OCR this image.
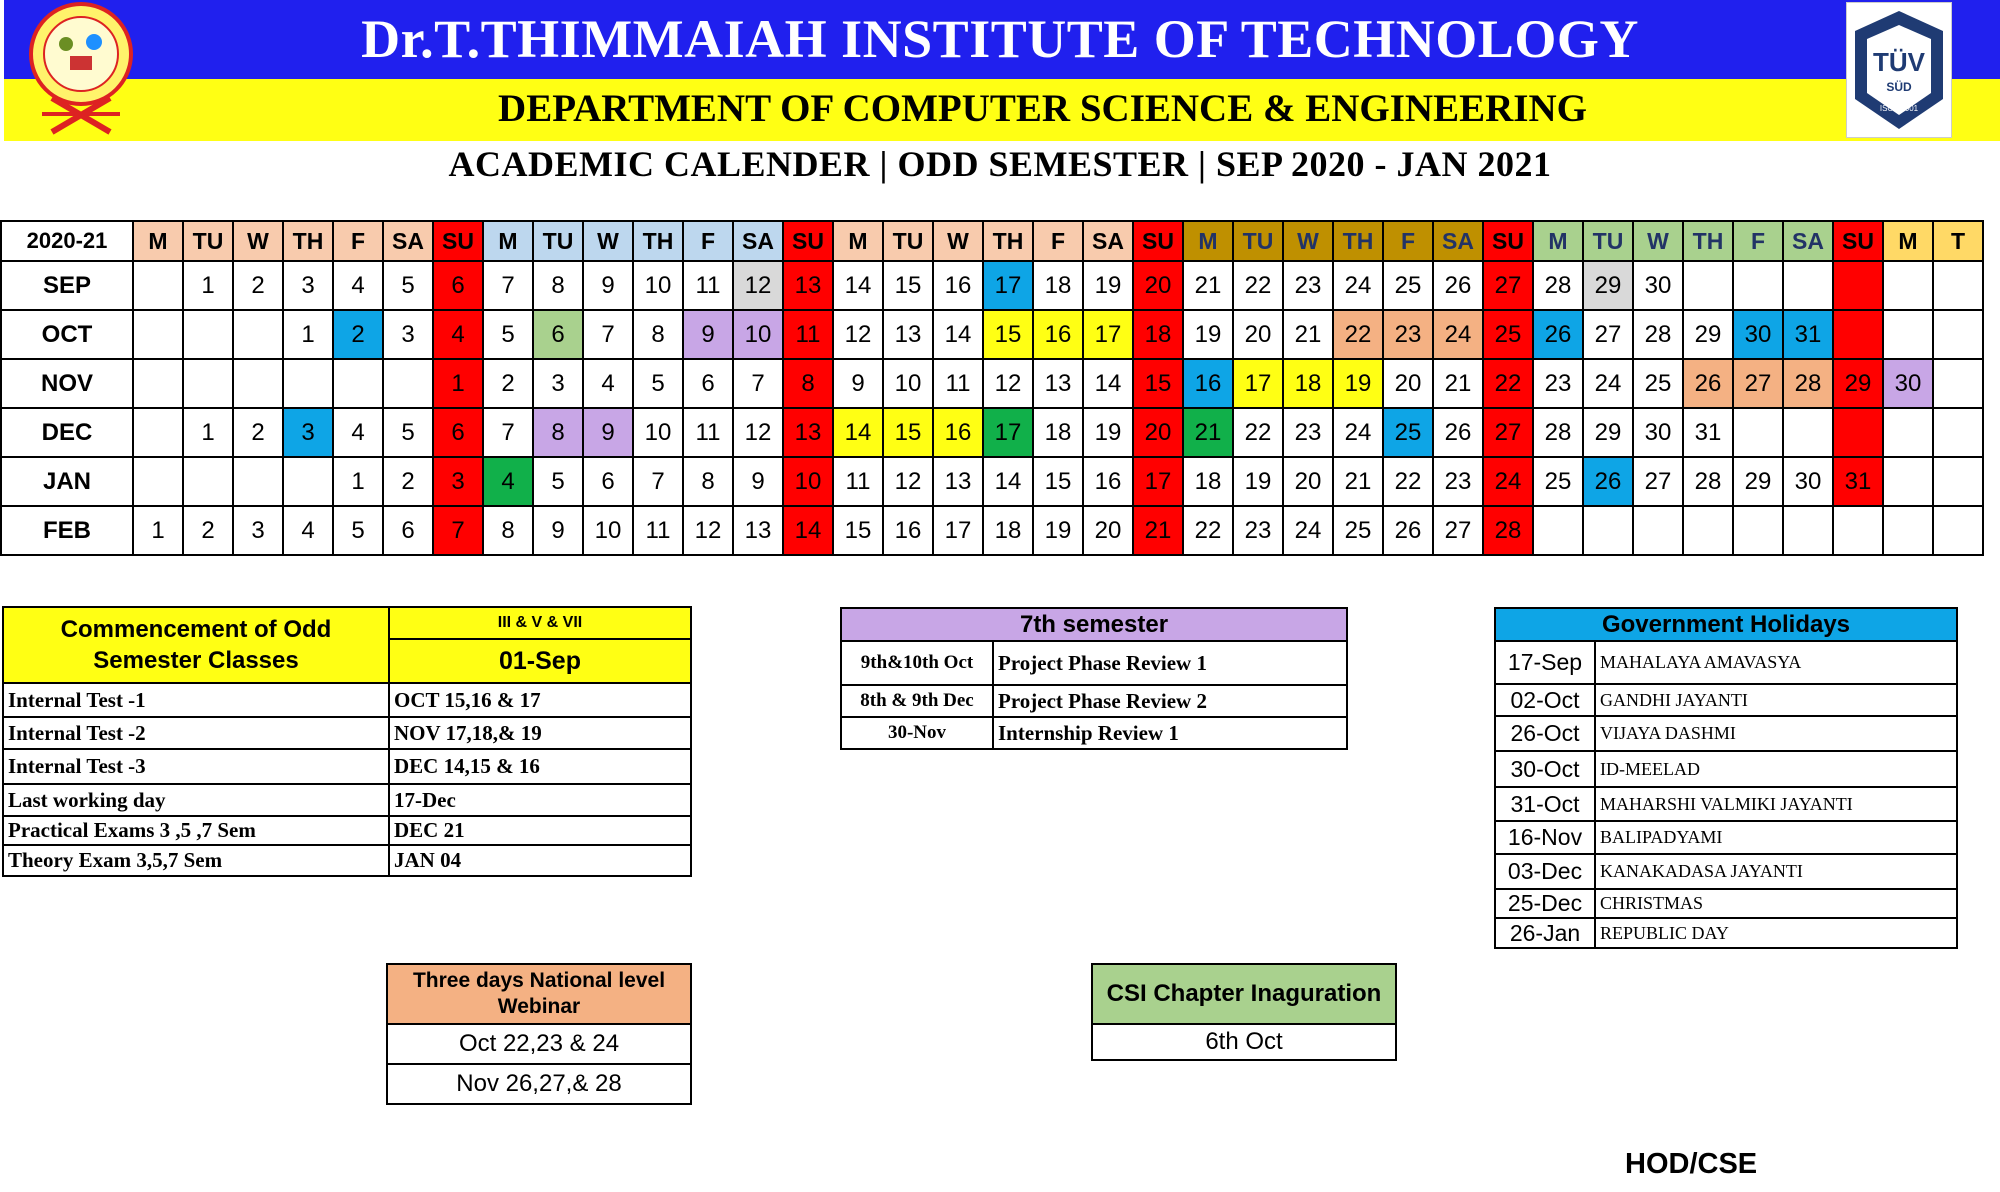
Dr.T.THIMMAIAH INSTITUTE OF TECHNOLOGY
DEPARTMENT OF COMPUTER SCIENCE & ENGINEERING
ACADEMIC CALENDER | ODD SEMESTER | SEP 2020 - JAN 2021
TÜV
SÜD
ISO 21001
2020-21	M	TU	W	TH	F	SA	SU	M	TU	W	TH	F	SA	SU	M	TU	W	TH	F	SA	SU	M	TU	W	TH	F	SA	SU	M	TU	W	TH	F	SA	SU	M	T
SEP		1	2	3	4	5	6	7	8	9	10	11	12	13	14	15	16	17	18	19	20	21	22	23	24	25	26	27	28	29	30						
OCT				1	2	3	4	5	6	7	8	9	10	11	12	13	14	15	16	17	18	19	20	21	22	23	24	25	26	27	28	29	30	31			
NOV							1	2	3	4	5	6	7	8	9	10	11	12	13	14	15	16	17	18	19	20	21	22	23	24	25	26	27	28	29	30	
DEC		1	2	3	4	5	6	7	8	9	10	11	12	13	14	15	16	17	18	19	20	21	22	23	24	25	26	27	28	29	30	31					
JAN					1	2	3	4	5	6	7	8	9	10	11	12	13	14	15	16	17	18	19	20	21	22	23	24	25	26	27	28	29	30	31		
FEB	1	2	3	4	5	6	7	8	9	10	11	12	13	14	15	16	17	18	19	20	21	22	23	24	25	26	27	28									
Commencement of Odd Semester Classes	III & V & VII
	01-Sep
Internal Test -1	OCT 15,16 & 17
Internal Test -2	NOV 17,18,& 19
Internal Test -3	DEC 14,15 & 16
Last working day	17-Dec
Practical Exams 3 ,5 ,7 Sem	DEC 21
Theory Exam 3,5,7 Sem	JAN 04
7th semester	
9th&10th Oct	Project Phase Review 1
8th & 9th Dec	Project Phase Review 2
30-Nov	Internship Review 1
Government Holidays	
17-Sep	MAHALAYA AMAVASYA
02-Oct	GANDHI JAYANTI
26-Oct	VIJAYA DASHMI
30-Oct	ID-MEELAD
31-Oct	MAHARSHI VALMIKI JAYANTI
16-Nov	BALIPADYAMI
03-Dec	KANAKADASA JAYANTI
25-Dec	CHRISTMAS
26-Jan	REPUBLIC DAY
Three days National level Webinar
Oct 22,23 & 24
Nov 26,27,& 28
CSI Chapter Inaguration
6th Oct
HOD/CSE
